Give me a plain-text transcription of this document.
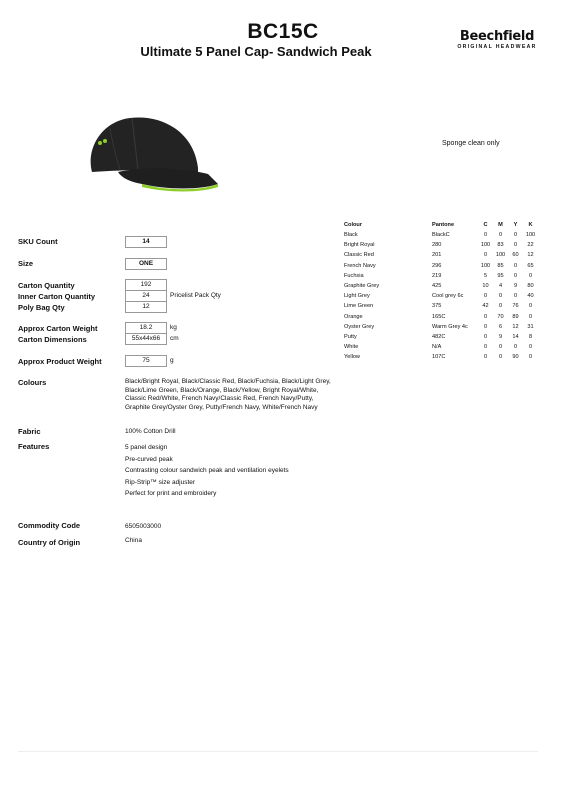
BC15C
Ultimate 5 Panel Cap- Sandwich Peak
Beechfield
ORIGINAL HEADWEAR
Sponge clean only
SKU Count	14
Size	ONE
Carton Quantity	192
Inner Carton Quantity	24	Pricelist Pack Qty
Poly Bag Qty	12
Approx Carton Weight	18.2	kg
Carton Dimensions	55x44x66	cm
Approx Product Weight	75	g
Colour	Pantone	C	M	Y	K
Black	BlackC	0	0	0	100
Bright Royal	280	100	83	0	22
Classic Red	201	0	100	60	12
French Navy	296	100	85	0	65
Fuchsia	219	5	95	0	0
Graphite Grey	425	10	4	9	80
Light Grey	Cool grey 6c	0	0	0	40
Lime Green	375	42	0	76	0
Orange	165C	0	70	89	0
Oyster Grey	Warm Grey 4c	0	6	12	31
Putty	482C	0	9	14	8
White	N/A	0	0	0	0
Yellow	107C	0	0	90	0
Colours	Black/Bright Royal, Black/Classic Red, Black/Fuchsia, Black/Light Grey, Black/Lime Green, Black/Orange, Black/Yellow, Bright Royal/White, Classic Red/White, French Navy/Classic Red, French Navy/Putty, Graphite Grey/Oyster Grey, Putty/French Navy, White/French Navy
Fabric	100% Cotton Drill
Features	5 panel design
Pre-curved peak
Contrasting colour sandwich peak and ventilation eyelets
Rip-Strip™ size adjuster
Perfect for print and embroidery
Commodity Code	6505003000
Country of Origin	China
